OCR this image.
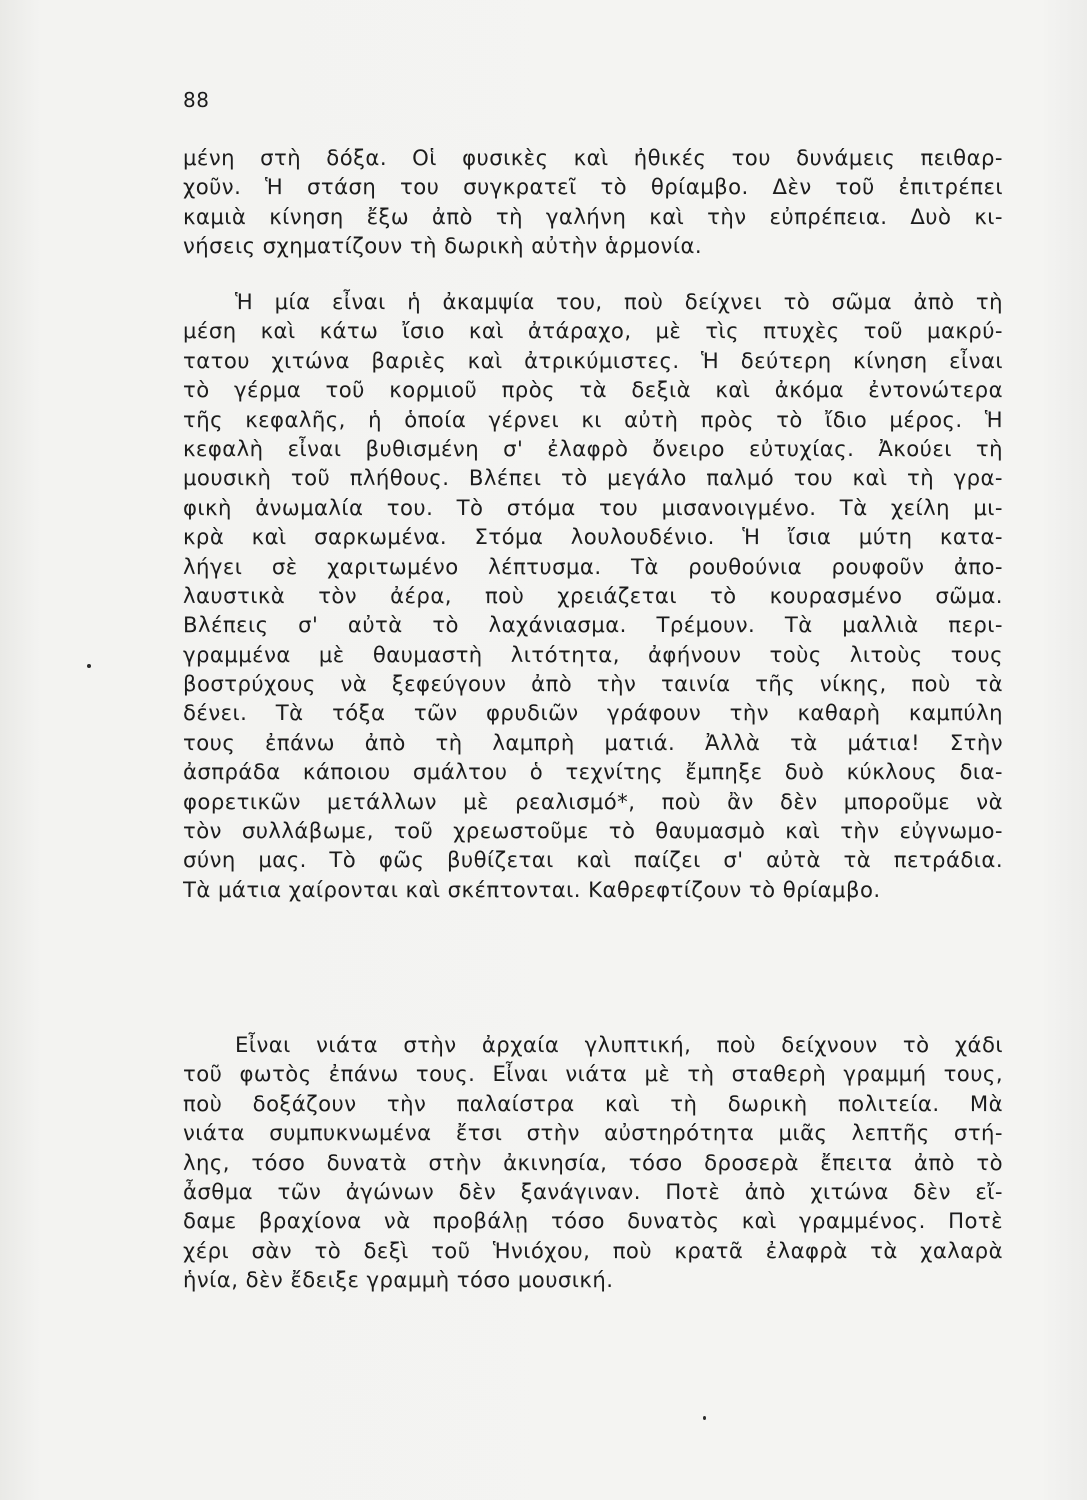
88
μένη στὴ δόξα. Οἱ φυσικὲς καὶ ἠθικές του δυνάμεις πειθαρ-
χοῦν. Ἡ στάση του συγκρατεῖ τὸ θρίαμβο. Δὲν τοῦ ἐπιτρέπει
καμιὰ κίνηση ἔξω ἀπὸ τὴ γαλήνη καὶ τὴν εὐπρέπεια. Δυὸ κι-
νήσεις σχηματίζουν τὴ δωρικὴ αὐτὴν ἁρμονία.
Ἡ μία εἶναι ἡ ἀκαμψία του, ποὺ δείχνει τὸ σῶμα ἀπὸ τὴ
μέση καὶ κάτω ἴσιο καὶ ἀτάραχο, μὲ τὶς πτυχὲς τοῦ μακρύ-
τατου χιτώνα βαριὲς καὶ ἀτρικύμιστες. Ἡ δεύτερη κίνηση εἶναι
τὸ γέρμα τοῦ κορμιοῦ πρὸς τὰ δεξιὰ καὶ ἀκόμα ἐντονώτερα
τῆς κεφαλῆς, ἡ ὁποία γέρνει κι αὐτὴ πρὸς τὸ ἴδιο μέρος. Ἡ
κεφαλὴ εἶναι βυθισμένη σ' ἐλαφρὸ ὄνειρο εὐτυχίας. Ἀκούει τὴ
μουσικὴ τοῦ πλήθους. Βλέπει τὸ μεγάλο παλμό του καὶ τὴ γρα-
φικὴ ἀνωμαλία του. Τὸ στόμα του μισανοιγμένο. Τὰ χείλη μι-
κρὰ καὶ σαρκωμένα. Στόμα λουλουδένιο. Ἡ ἴσια μύτη κατα-
λήγει σὲ χαριτωμένο λέπτυσμα. Τὰ ρουθούνια ρουφοῦν ἀπο-
λαυστικὰ τὸν ἀέρα, ποὺ χρειάζεται τὸ κουρασμένο σῶμα.
Βλέπεις σ' αὐτὰ τὸ λαχάνιασμα. Τρέμουν. Τὰ μαλλιὰ περι-
γραμμένα μὲ θαυμαστὴ λιτότητα, ἀφήνουν τοὺς λιτοὺς τους
βοστρύχους νὰ ξεφεύγουν ἀπὸ τὴν ταινία τῆς νίκης, ποὺ τὰ
δένει. Τὰ τόξα τῶν φρυδιῶν γράφουν τὴν καθαρὴ καμπύλη
τους ἐπάνω ἀπὸ τὴ λαμπρὴ ματιά. Ἀλλὰ τὰ μάτια! Στὴν
ἀσπράδα κάποιου σμάλτου ὁ τεχνίτης ἔμπηξε δυὸ κύκλους δια-
φορετικῶν μετάλλων μὲ ρεαλισμό*, ποὺ ἂν δὲν μποροῦμε νὰ
τὸν συλλάβωμε, τοῦ χρεωστοῦμε τὸ θαυμασμὸ καὶ τὴν εὐγνωμο-
σύνη μας. Τὸ φῶς βυθίζεται καὶ παίζει σ' αὐτὰ τὰ πετράδια.
Τὰ μάτια χαίρονται καὶ σκέπτονται. Καθρεφτίζουν τὸ θρίαμβο.
Εἶναι νιάτα στὴν ἀρχαία γλυπτική, ποὺ δείχνουν τὸ χάδι
τοῦ φωτὸς ἐπάνω τους. Εἶναι νιάτα μὲ τὴ σταθερὴ γραμμή τους,
ποὺ δοξάζουν τὴν παλαίστρα καὶ τὴ δωρικὴ πολιτεία. Μὰ
νιάτα συμπυκνωμένα ἔτσι στὴν αὐστηρότητα μιᾶς λεπτῆς στή-
λης, τόσο δυνατὰ στὴν ἀκινησία, τόσο δροσερὰ ἔπειτα ἀπὸ τὸ
ἆσθμα τῶν ἀγώνων δὲν ξανάγιναν. Ποτὲ ἀπὸ χιτώνα δὲν εἴ-
δαμε βραχίονα νὰ προβάλῃ τόσο δυνατὸς καὶ γραμμένος. Ποτὲ
χέρι σὰν τὸ δεξὶ τοῦ Ἡνιόχου, ποὺ κρατᾶ ἐλαφρὰ τὰ χαλαρὰ
ἡνία, δὲν ἔδειξε γραμμὴ τόσο μουσική.
